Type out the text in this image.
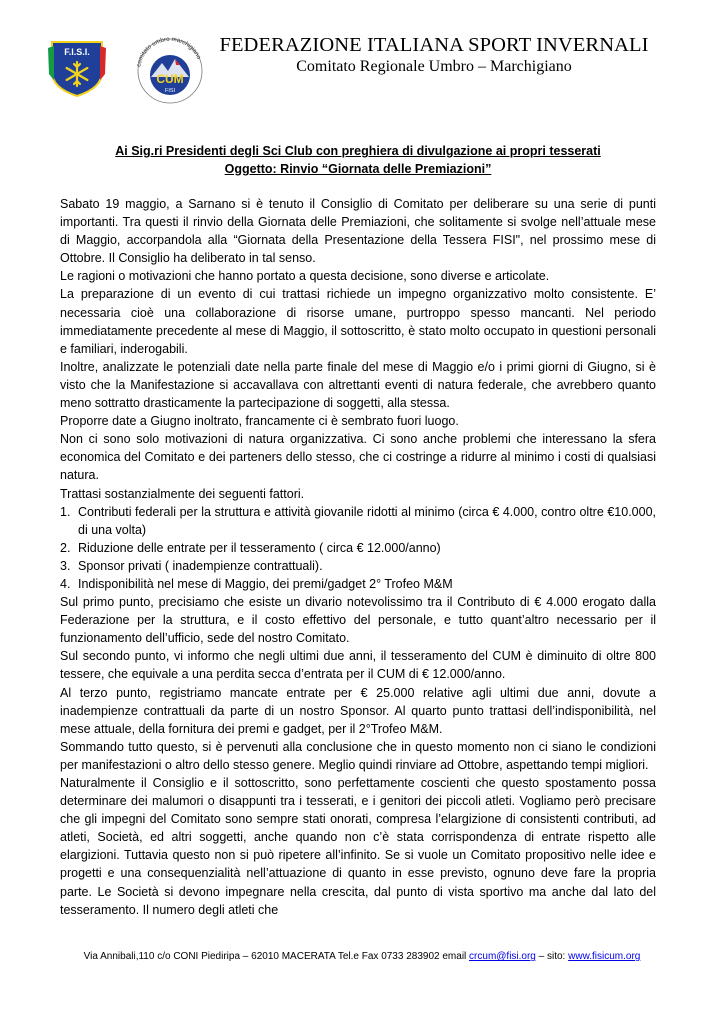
F.I.S.I.
comitato umbro marchigiano
CUM
FISI
FEDERAZIONE ITALIANA SPORT INVERNALI
Comitato Regionale Umbro – Marchigiano
Ai Sig.ri Presidenti degli Sci Club con preghiera di divulgazione ai propri tesserati
Oggetto: Rinvio “Giornata delle Premiazioni”

Sabato 19 maggio, a Sarnano si è tenuto il Consiglio di Comitato per deliberare su una serie di punti importanti. Tra questi il rinvio della Giornata delle Premiazioni, che solitamente si svolge nell’attuale mese di Maggio, accorpandola alla “Giornata della Presentazione della Tessera FISI", nel prossimo mese di Ottobre. Il Consiglio ha deliberato in tal senso.

Le ragioni o motivazioni che hanno portato a questa decisione, sono diverse e articolate.

La preparazione di un evento di cui trattasi richiede un impegno organizzativo molto consistente. E’ necessaria cioè una collaborazione di risorse umane, purtroppo spesso mancanti. Nel periodo immediatamente precedente al mese di Maggio, il sottoscritto, è stato molto occupato in questioni personali e familiari, inderogabili.

Inoltre, analizzate le potenziali date nella parte finale del mese di Maggio e/o i primi giorni di Giugno, si è visto che la Manifestazione si accavallava con altrettanti eventi di natura federale, che avrebbero quanto meno sottratto drasticamente la partecipazione di soggetti, alla stessa.

Proporre date a Giugno inoltrato, francamente ci è sembrato fuori luogo.

Non ci sono solo motivazioni di natura organizzativa. Ci sono anche problemi che interessano la sfera economica del Comitato e dei parteners dello stesso, che ci costringe a ridurre al minimo i costi di qualsiasi natura.

Trattasi sostanzialmente dei seguenti fattori.

1. Contributi federali per la struttura e attività giovanile ridotti al minimo (circa € 4.000, contro oltre €10.000, di una volta)
2. Riduzione delle entrate per il tesseramento ( circa € 12.000/anno)
3. Sponsor privati ( inadempienze contrattuali).
4. Indisponibilità nel mese di Maggio, dei premi/gadget 2° Trofeo M&M

Sul primo punto, precisiamo che esiste un divario notevolissimo tra il Contributo di € 4.000 erogato dalla Federazione per la struttura, e il costo effettivo del personale, e tutto quant’altro necessario per il funzionamento dell’ufficio, sede del nostro Comitato.

Sul secondo punto, vi informo che negli ultimi due anni, il tesseramento del CUM è diminuito di oltre 800 tessere, che equivale a una perdita secca d’entrata per il CUM di € 12.000/anno.

Al terzo punto, registriamo mancate entrate per € 25.000 relative agli ultimi due anni, dovute a inadempienze contrattuali da parte di un nostro Sponsor. Al quarto punto trattasi dell’indisponibilità, nel mese attuale, della fornitura dei premi e gadget, per il 2°Trofeo M&M.

Sommando tutto questo, si è pervenuti alla conclusione che in questo momento non ci siano le condizioni per manifestazioni o altro dello stesso genere. Meglio quindi rinviare ad Ottobre, aspettando tempi migliori.

Naturalmente il Consiglio e il sottoscritto, sono perfettamente coscienti che questo spostamento possa determinare dei malumori o disappunti tra i tesserati, e i genitori dei piccoli atleti. Vogliamo però precisare che gli impegni del Comitato sono sempre stati onorati, compresa l’elargizione di consistenti contributi, ad atleti, Società, ed altri soggetti, anche quando non c’è stata corrispondenza di entrate rispetto alle elargizioni. Tuttavia questo non si può ripetere all’infinito. Se si vuole un Comitato propositivo nelle idee e progetti e una consequenzialità nell’attuazione di quanto in esse previsto, ognuno deve fare la propria parte. Le Società si devono impegnare nella crescita, dal punto di vista sportivo ma anche dal lato del tesseramento. Il numero degli atleti che

Via Annibali,110 c/o CONI Piediripa – 62010 MACERATA Tel.e Fax 0733 283902 email crcum@fisi.org – sito: www.fisicum.org
